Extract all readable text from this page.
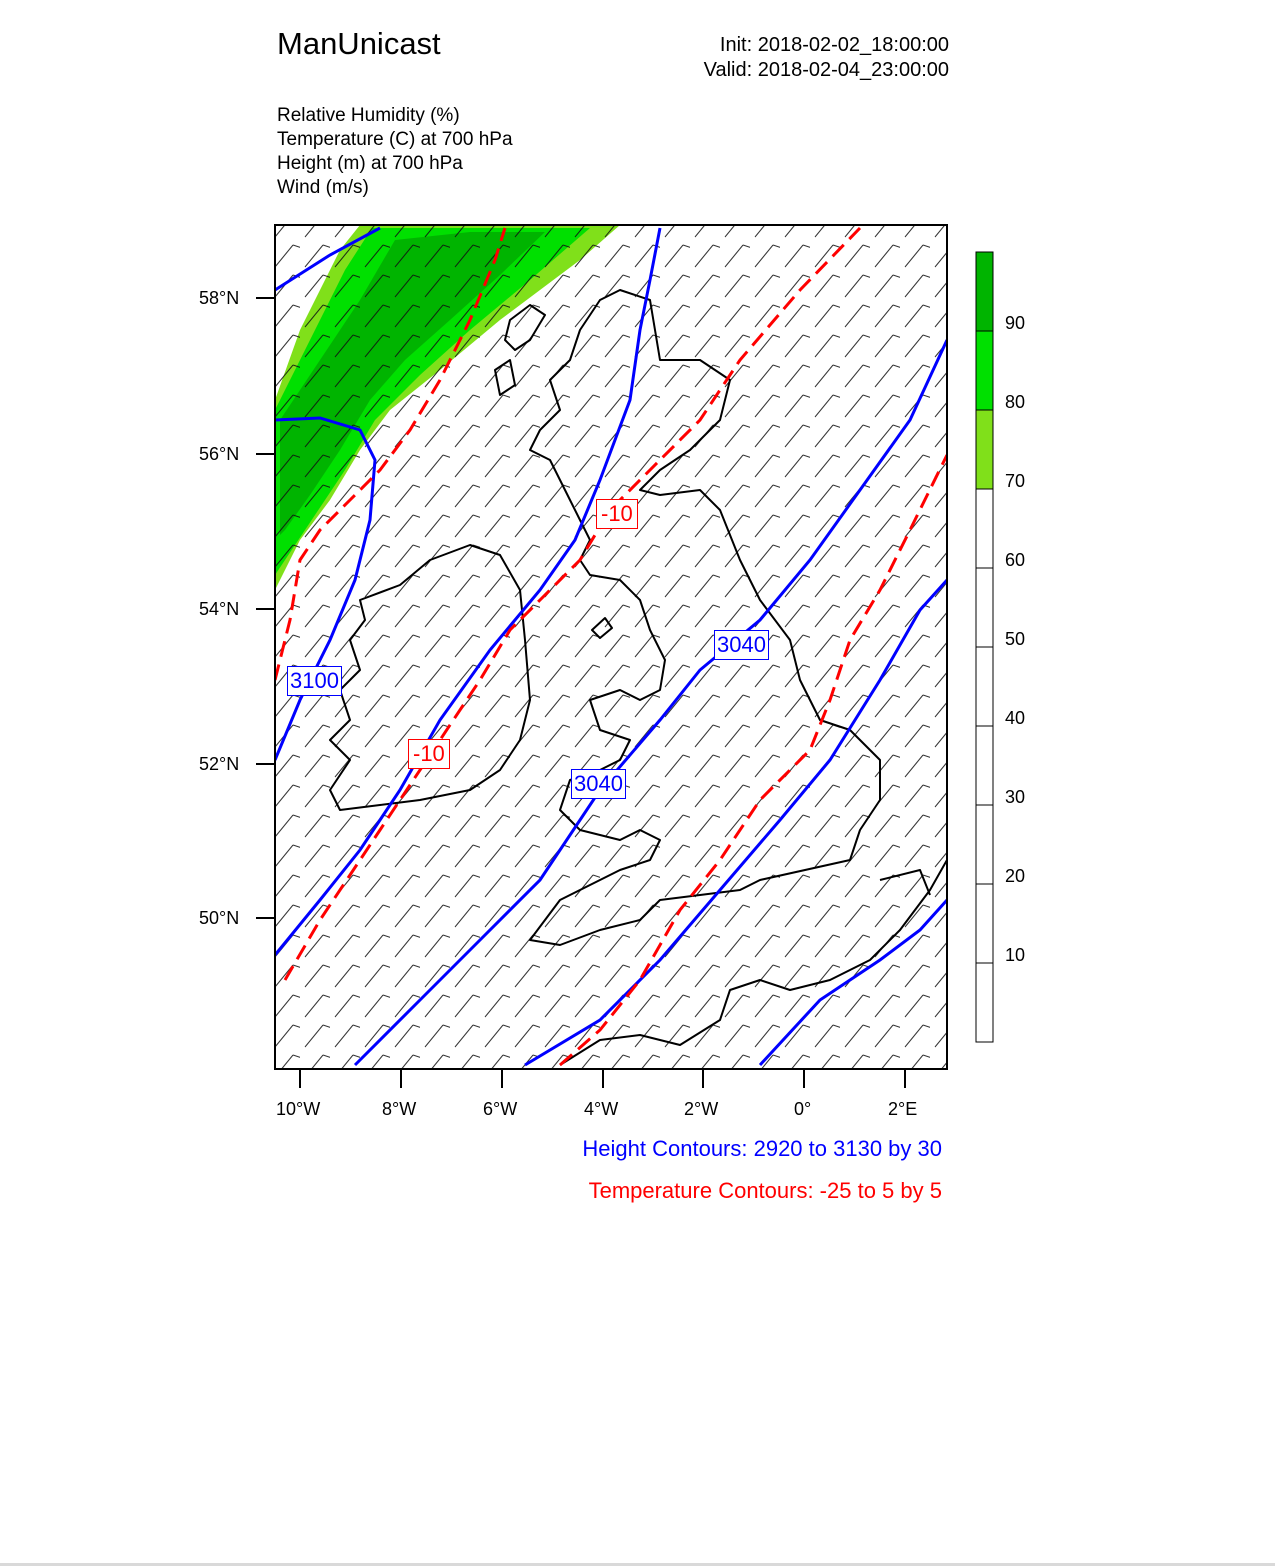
ManUnicast	Init: 2018-02-02_18:00:00
Valid: 2018-02-04_23:00:00
Relative Humidity (%)
Temperature (C) at 700 hPa
Height (m) at 700 hPa
Wind (m/s)
3100
3040
3040
-10
-10
58°N
56°N
54°N
52°N
50°N
10°W	8°W	6°W	4°W	2°W	0°	2°E
90
80
70
60
50
40
30
20
10
Height Contours: 2920 to 3130 by 30
Temperature Contours: -25 to 5 by 5
